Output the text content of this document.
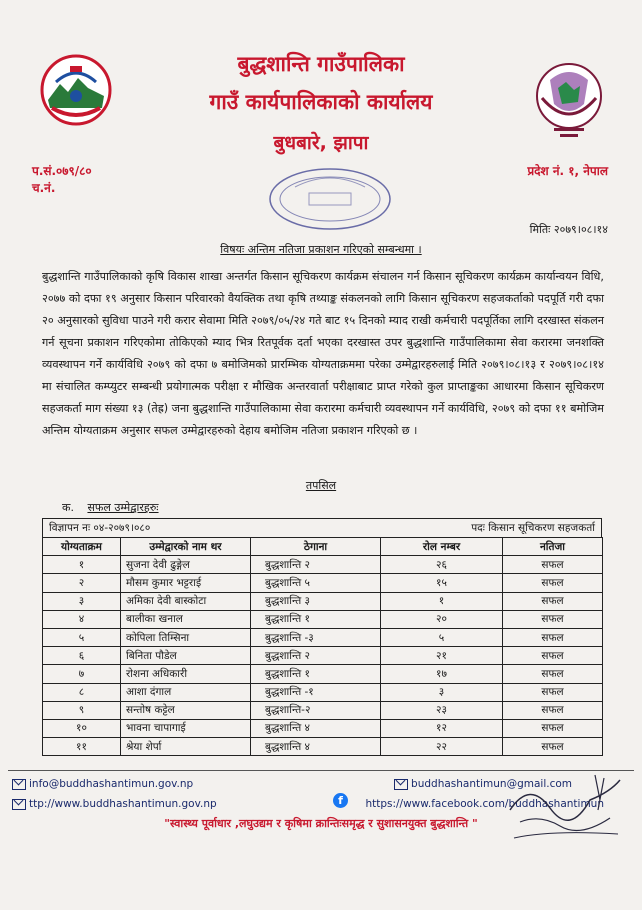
बुद्धशान्ति गाउँपालिका
गाउँ कार्यपालिकाको कार्यालय
बुधबारे, झापा
प.सं.०७९/८०
च.नं.
प्रदेश नं. १, नेपाल
मितिः २०७९।०८।१४
विषयः अन्तिम नतिजा प्रकाशन गरिएको सम्बन्धमा ।
बुद्धशान्ति गाउँपालिकाको कृषि विकास शाखा अन्तर्गत किसान सूचिकरण कार्यक्रम संचालन गर्न किसान सूचिकरण कार्यक्रम कार्यान्वयन विधि, २०७७ को दफा १९ अनुसार किसान परिवारको वैयक्तिक तथा कृषि तथ्याङ्क संकलनको लागि किसान सूचिकरण सहजकर्ताको पदपूर्ति गरी दफा २० अनुसारको सुविधा पाउने गरी करार सेवामा मिति २०७९/०५/२४ गते बाट १५ दिनको म्याद राखी कर्मचारी पदपूर्तिका लागि दरखास्त संकलन गर्न सूचना प्रकाशन गरिएकोमा तोकिएको म्याद भित्र रितपूर्वक दर्ता भएका दरखास्त उपर बुद्धशान्ति गाउँपालिकामा सेवा करारमा जनशक्ति व्यवस्थापन गर्ने कार्यविधि २०७९ को दफा ७ बमोजिमको प्रारम्भिक योग्यताक्रममा परेका उम्मेद्वारहरुलाई मिति २०७९।०८।१३ र २०७९।०८।१४ मा संचालित कम्प्युटर सम्बन्धी प्रयोगात्मक परीक्षा र मौखिक अन्तरवार्ता परीक्षाबाट प्राप्त गरेको कुल प्राप्ताङ्कका आधारमा किसान सूचिकरण सहजकर्ता माग संख्या १३ (तेह्र) जना बुद्धशान्ति गाउँपालिकामा सेवा करारमा कर्मचारी व्यवस्थापन गर्ने कार्यविधि, २०७९ को दफा ११ बमोजिम अन्तिम योग्यताक्रम अनुसार सफल उम्मेद्वारहरुको देहाय बमोजिम नतिजा प्रकाशन गरिएको छ ।
तपसिल
क. सफल उम्मेद्वारहरुः
विज्ञापन नः ०४-२०७९।०८०	पदः किसान सूचिकरण सहजकर्ता
योग्यताक्रम	उम्मेद्वारको नाम थर	ठेगाना	रोल नम्बर	नतिजा
१	सुजना देवी ढुङ्गेल	बुद्धशान्ति २	२६	सफल
२	मौसम कुमार भट्टराई	बुद्धशान्ति ५	१५	सफल
३	अमिका देवी बास्कोटा	बुद्धशान्ति ३	१	सफल
४	बालीका खनाल	बुद्धशान्ति १	२०	सफल
५	कोपिला तिम्सिना	बुद्धशान्ति -३	५	सफल
६	बिनिता पौडेल	बुद्धशान्ति २	२१	सफल
७	रोशना अधिकारी	बुद्धशान्ति १	१७	सफल
८	आशा दंगाल	बुद्धशान्ति -१	३	सफल
९	सन्तोष कट्टेल	बुद्धशान्ति-२	२३	सफल
१०	भावना चापागाई	बुद्धशान्ति ४	१२	सफल
११	श्रेया शेर्पा	बुद्धशान्ति ४	२२	सफल
info@buddhashantimun.gov.np	buddhashantimun@gmail.com
ttp://www.buddhashantimun.gov.np	f	https://www.facebook.com/buddhashantimun
"स्वास्थ्य पूर्वाधार ,लघुउद्यम र कृषिमा क्रान्तिःसमृद्ध र सुशासनयुक्त बुद्धशान्ति "
